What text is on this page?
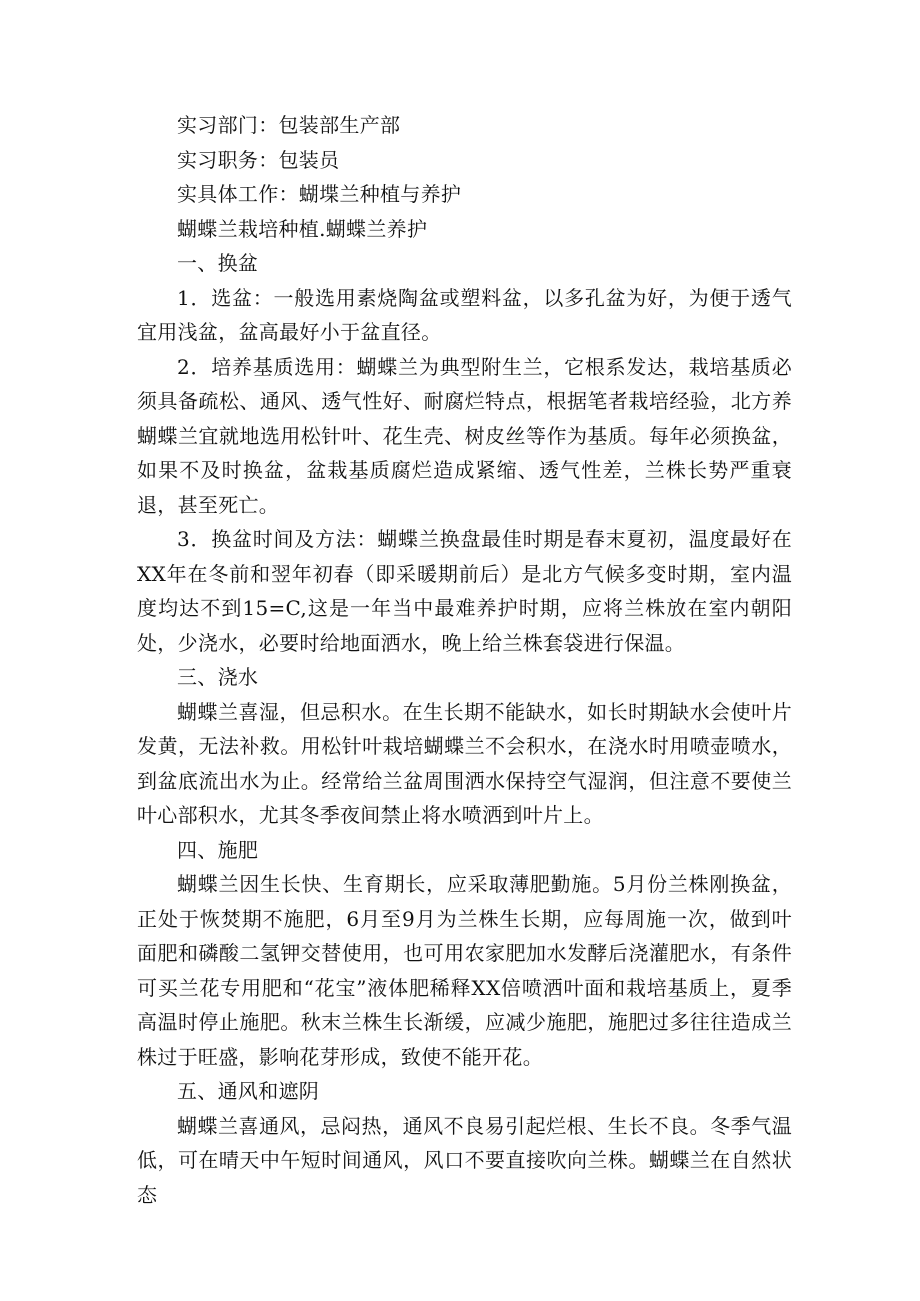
实习部门：包装部生产部

实习职务：包装员

实具体工作：蝴堞兰种植与养护

蝴蝶兰栽培种植.蝴蝶兰养护

一、换盆

1．选盆：一般选用素烧陶盆或塑料盆，以多孔盆为好，为便于透气宜用浅盆，盆高最好小于盆直径。

2．培养基质选用：蝴蝶兰为典型附生兰，它根系发达，栽培基质必须具备疏松、通风、透气性好、耐腐烂特点，根据笔者栽培经验，北方养蝴蝶兰宜就地选用松针叶、花生壳、树皮丝等作为基质。每年必须换盆，如果不及时换盆，盆栽基质腐烂造成紧缩、透气性差，兰株长势严重衰退，甚至死亡。

3．换盆时间及方法：蝴蝶兰换盘最佳时期是春末夏初，温度最好在XX年在冬前和翌年初春（即采暖期前后）是北方气候多变时期，室内温度均达不到15=C,这是一年当中最难养护时期，应将兰株放在室内朝阳处，少浇水，必要时给地面洒水，晚上给兰株套袋进行保温。

三、浇水

蝴蝶兰喜湿，但忌积水。在生长期不能缺水，如长时期缺水会使叶片发黄，无法补救。用松针叶栽培蝴蝶兰不会积水，在浇水时用喷壶喷水，到盆底流出水为止。经常给兰盆周围洒水保持空气湿润，但注意不要使兰叶心部积水，尤其冬季夜间禁止将水喷洒到叶片上。

四、施肥

蝴蝶兰因生长快、生育期长，应采取薄肥勤施。5月份兰株刚换盆，正处于恢焚期不施肥，6月至9月为兰株生长期，应每周施一次，做到叶面肥和磷酸二氢钾交替使用，也可用农家肥加水发酵后浇灌肥水，有条件可买兰花专用肥和“花宝”液体肥稀释XX倍喷洒叶面和栽培基质上，夏季高温时停止施肥。秋末兰株生长渐缓，应减少施肥，施肥过多往往造成兰株过于旺盛，影响花芽形成，致使不能开花。

五、通风和遮阴

蝴蝶兰喜通风，忌闷热，通风不良易引起烂根、生长不良。冬季气温低，可在晴天中午短时间通风，风口不要直接吹向兰株。蝴蝶兰在自然状态
